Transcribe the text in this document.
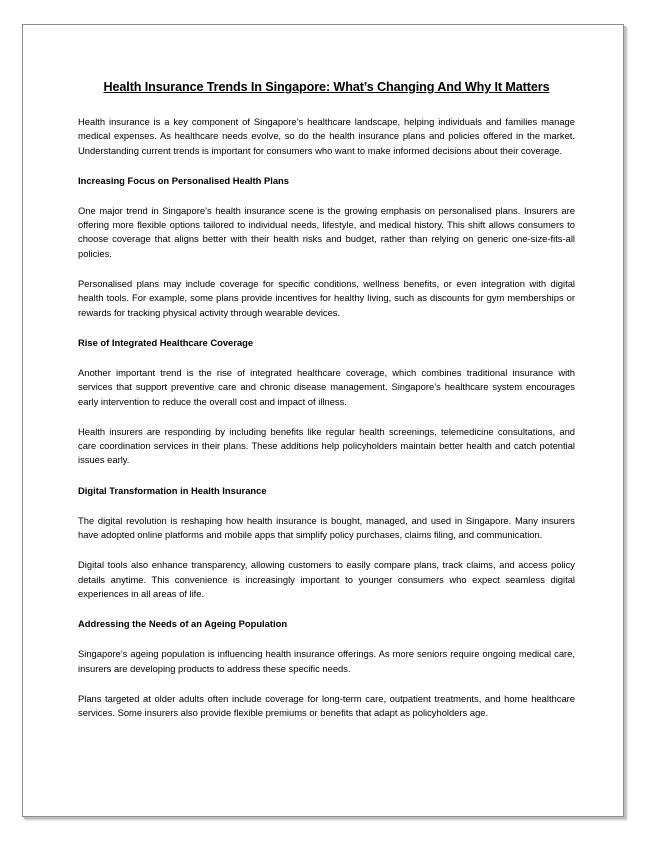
Health Insurance Trends In Singapore: What’s Changing And Why It Matters
Health insurance is a key component of Singapore’s healthcare landscape, helping individuals and families manage medical expenses. As healthcare needs evolve, so do the health insurance plans and policies offered in the market. Understanding current trends is important for consumers who want to make informed decisions about their coverage.
Increasing Focus on Personalised Health Plans
One major trend in Singapore’s health insurance scene is the growing emphasis on personalised plans. Insurers are offering more flexible options tailored to individual needs, lifestyle, and medical history. This shift allows consumers to choose coverage that aligns better with their health risks and budget, rather than relying on generic one-size-fits-all policies.
Personalised plans may include coverage for specific conditions, wellness benefits, or even integration with digital health tools. For example, some plans provide incentives for healthy living, such as discounts for gym memberships or rewards for tracking physical activity through wearable devices.
Rise of Integrated Healthcare Coverage
Another important trend is the rise of integrated healthcare coverage, which combines traditional insurance with services that support preventive care and chronic disease management. Singapore’s healthcare system encourages early intervention to reduce the overall cost and impact of illness.
Health insurers are responding by including benefits like regular health screenings, telemedicine consultations, and care coordination services in their plans. These additions help policyholders maintain better health and catch potential issues early.
Digital Transformation in Health Insurance
The digital revolution is reshaping how health insurance is bought, managed, and used in Singapore. Many insurers have adopted online platforms and mobile apps that simplify policy purchases, claims filing, and communication.
Digital tools also enhance transparency, allowing customers to easily compare plans, track claims, and access policy details anytime. This convenience is increasingly important to younger consumers who expect seamless digital experiences in all areas of life.
Addressing the Needs of an Ageing Population
Singapore’s ageing population is influencing health insurance offerings. As more seniors require ongoing medical care, insurers are developing products to address these specific needs.
Plans targeted at older adults often include coverage for long-term care, outpatient treatments, and home healthcare services. Some insurers also provide flexible premiums or benefits that adapt as policyholders age.
